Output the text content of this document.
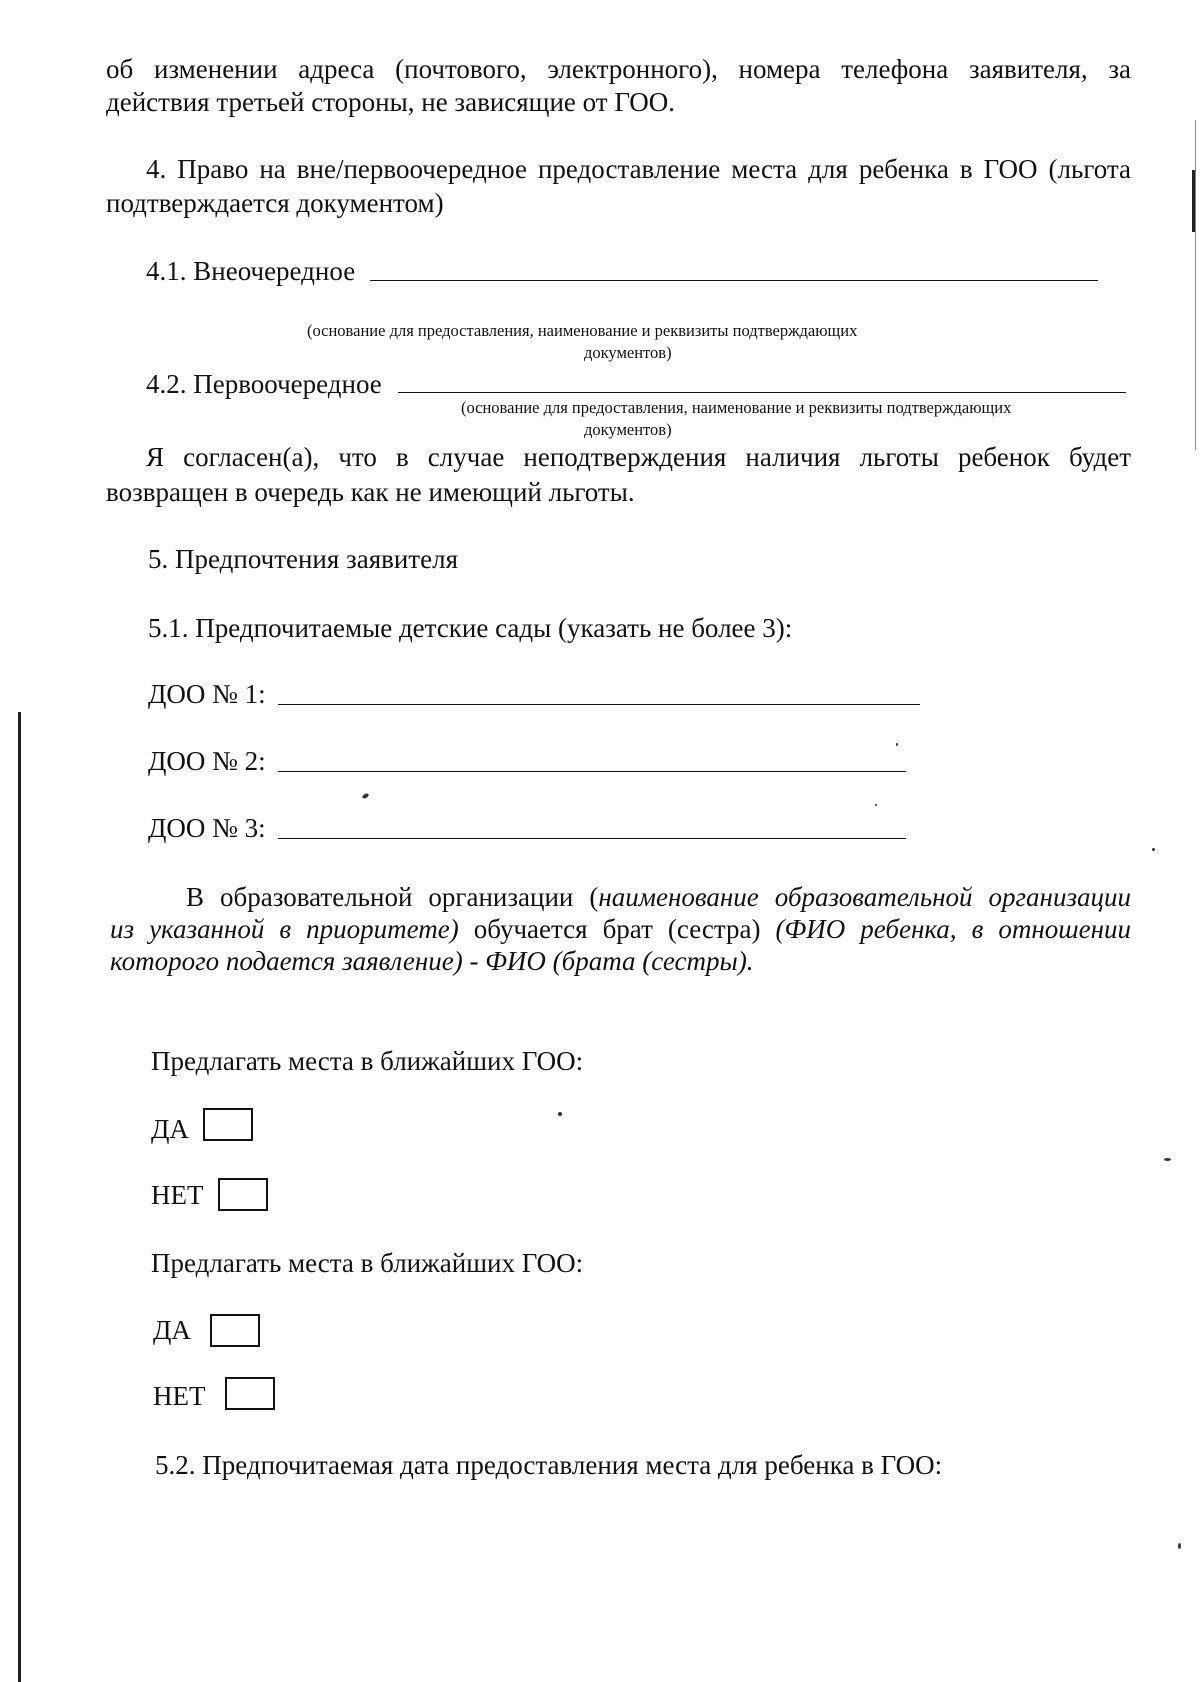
об изменении адреса (почтового, электронного), номера телефона заявителя, за
действия третьей стороны, не зависящие от ГОО.
4. Право на вне/первоочередное предоставление места для ребенка в ГОО (льгота
подтверждается документом)
4.1. Внеочередное
(основание для предоставления, наименование и реквизиты подтверждающих
документов)
4.2. Первоочередное
(основание для предоставления, наименование и реквизиты подтверждающих
документов)
Я согласен(а), что в случае неподтверждения наличия льготы ребенок будет
возвращен в очередь как не имеющий льготы.
5. Предпочтения заявителя
5.1. Предпочитаемые детские сады (указать не более 3):
ДОО № 1:
ДОО № 2:
ДОО № 3:
В образовательной организации (наименование образовательной организации
из указанной в приоритете) обучается брат (сестра) (ФИО ребенка, в отношении
которого подается заявление) - ФИО (брата (сестры).
Предлагать места в ближайших ГОО:
ДА
НЕТ
Предлагать места в ближайших ГОО:
ДА
НЕТ
5.2. Предпочитаемая дата предоставления места для ребенка в ГОО:
